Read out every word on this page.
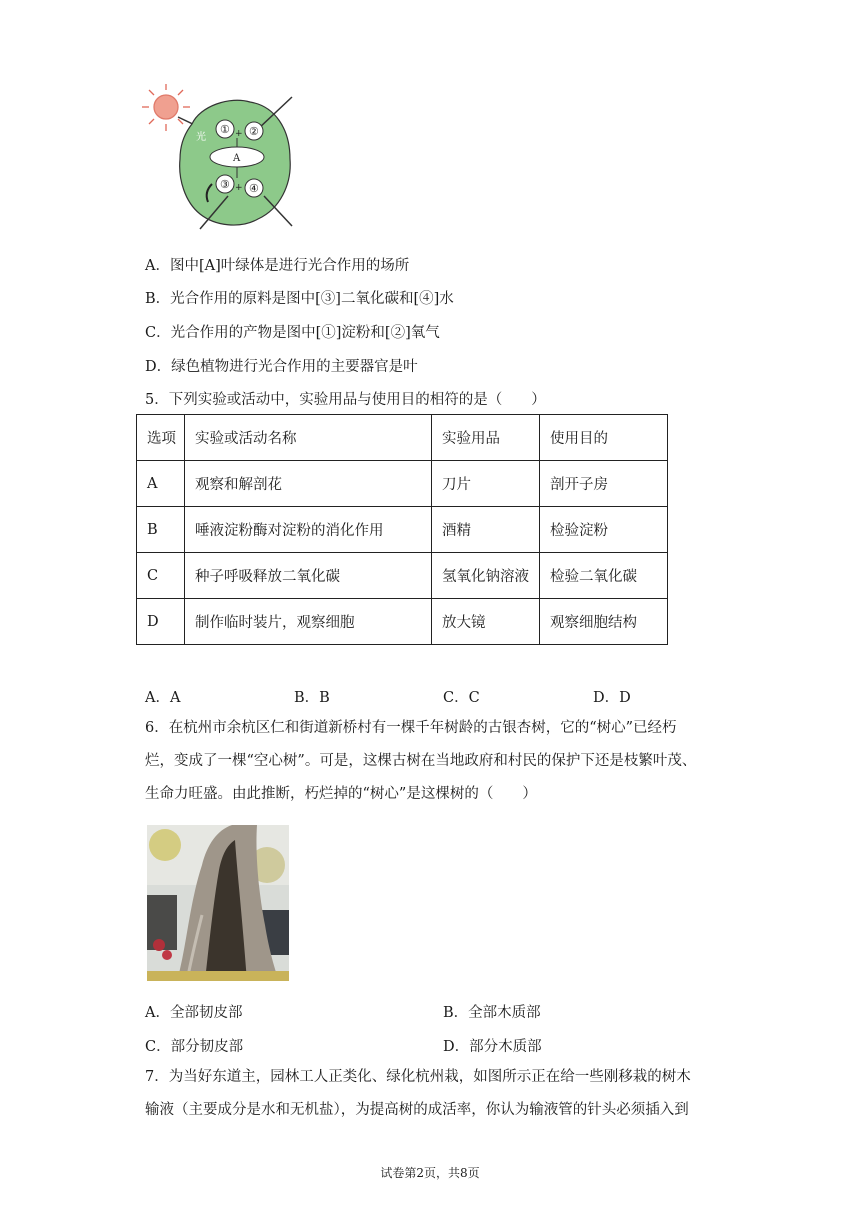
光
① ②
③ ④
A
+
+
A．图中[A]叶绿体是进行光合作用的场所
B．光合作用的原料是图中[③]二氧化碳和[④]水
C．光合作用的产物是图中[①]淀粉和[②]氧气
D．绿色植物进行光合作用的主要器官是叶
5．下列实验或活动中，实验用品与使用目的相符的是（　　）
选项	实验或活动名称	实验用品	使用目的
A	观察和解剖花	刀片	剖开子房
B	唾液淀粉酶对淀粉的消化作用	酒精	检验淀粉
C	种子呼吸释放二氧化碳	氢氧化钠溶液	检验二氧化碳
D	制作临时装片，观察细胞	放大镜	观察细胞结构
A．A	B．B	C．C	D．D
6．在杭州市余杭区仁和街道新桥村有一棵千年树龄的古银杏树，它的“树心”已经朽
烂，变成了一棵“空心树”。可是，这棵古树在当地政府和村民的保护下还是枝繁叶茂、
生命力旺盛。由此推断，朽烂掉的“树心”是这棵树的（　　）
A．全部韧皮部	B．全部木质部
C．部分韧皮部	D．部分木质部
7．为当好东道主，园林工人正类化、绿化杭州栽，如图所示正在给一些刚移栽的树木
输液（主要成分是水和无机盐），为提高树的成活率，你认为输液管的针头必须插入到
试卷第2页，共8页
